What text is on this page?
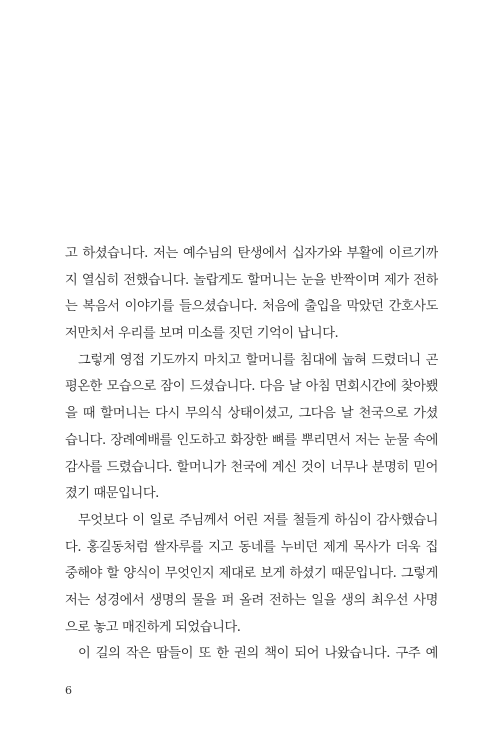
고 하셨습니다. 저는 예수님의 탄생에서 십자가와 부활에 이르기까
지 열심히 전했습니다. 놀랍게도 할머니는 눈을 반짝이며 제가 전하
는 복음서 이야기를 들으셨습니다. 처음에 출입을 막았던 간호사도
저만치서 우리를 보며 미소를 짓던 기억이 납니다.
그렇게 영접 기도까지 마치고 할머니를 침대에 눕혀 드렸더니 곤
평온한 모습으로 잠이 드셨습니다. 다음 날 아침 면회시간에 찾아뵀
을 때 할머니는 다시 무의식 상태이셨고, 그다음 날 천국으로 가셨
습니다. 장례예배를 인도하고 화장한 뼈를 뿌리면서 저는 눈물 속에
감사를 드렸습니다. 할머니가 천국에 계신 것이 너무나 분명히 믿어
졌기 때문입니다.
무엇보다 이 일로 주님께서 어린 저를 철들게 하심이 감사했습니
다. 홍길동처럼 쌀자루를 지고 동네를 누비던 제게 목사가 더욱 집
중해야 할 양식이 무엇인지 제대로 보게 하셨기 때문입니다. 그렇게
저는 성경에서 생명의 물을 퍼 올려 전하는 일을 생의 최우선 사명
으로 놓고 매진하게 되었습니다.
이 길의 작은 땀들이 또 한 권의 책이 되어 나왔습니다. 구주 예
6
